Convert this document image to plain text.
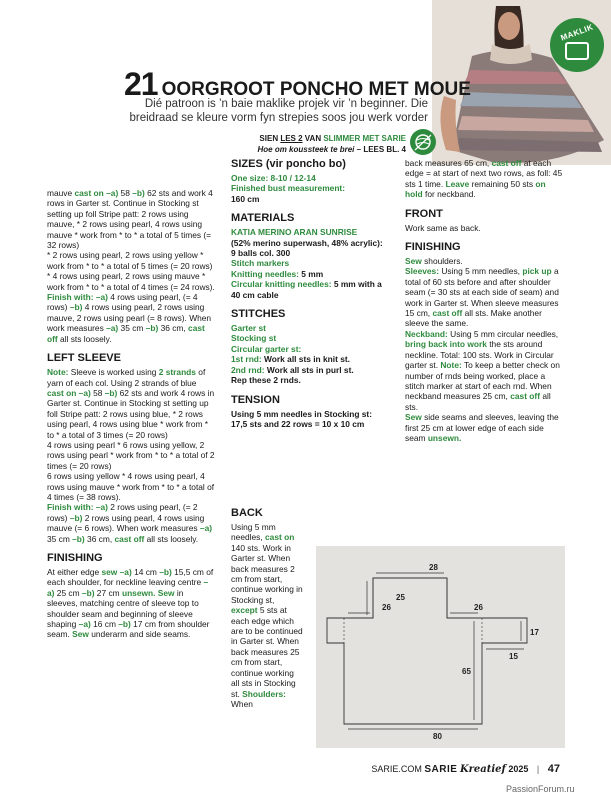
MAKLIK
21 OORGROOT PONCHO MET MOUE
Dié patroon is ’n baie maklike projek vir ’n beginner. Die breidraad se kleure vorm fyn strepies soos jou werk vorder
SIEN LES 2 VAN SLIMMER MET SARIE
Hoe om koussteek te brei – LEES BL. 4

mauve cast on –a) 58 –b) 62 sts and work 4 rows in Garter st. Continue in Stocking st setting up foll Stripe patt: 2 rows using mauve, * 2 rows using pearl, 4 rows using mauve * work from * to * a total of 5 times (= 32 rows)

* 2 rows using pearl, 2 rows using yellow * work from * to * a total of 5 times (= 20 rows)

* 4 rows using pearl, 2 rows using mauve * work from * to * a total of 4 times (= 24 rows).

Finish with: –a) 4 rows using pearl, (= 4 rows) –b) 4 rows using pearl, 2 rows using mauve, 2 rows using pearl (= 8 rows). When work measures –a) 35 cm –b) 36 cm, cast off all sts loosely.

LEFT SLEEVE

Note: Sleeve is worked using 2 strands of yarn of each col. Using 2 strands of blue cast on –a) 58 –b) 62 sts and work 4 rows in Garter st. Continue in Stocking st setting up foll Stripe patt: 2 rows using blue, * 2 rows using pearl, 4 rows using blue * work from * to * a total of 3 times (= 20 rows)

4 rows using pearl * 6 rows using yellow, 2 rows using pearl * work from * to * a total of 2 times (= 20 rows)

6 rows using yellow * 4 rows using pearl, 4 rows using mauve * work from * to * a total of 4 times (= 38 rows).

Finish with: –a) 2 rows using pearl, (= 2 rows) –b) 2 rows using pearl, 4 rows using mauve (= 6 rows). When work measures –a) 35 cm –b) 36 cm, cast off all sts loosely.

FINISHING

At either edge sew –a) 14 cm –b) 15,5 cm of each shoulder, for neckline leaving centre –a) 25 cm –b) 27 cm unsewn. Sew in sleeves, matching centre of sleeve top to shoulder seam and beginning of sleeve shaping –a) 16 cm –b) 17 cm from shoulder seam. Sew underarm and side seams.

SIZES (vir poncho bo)

One size: 8-10 / 12-14

Finished bust measurement:

160 cm

MATERIALS

KATIA MERINO ARAN SUNRISE

(52% merino superwash, 48% acrylic): 9 balls col. 300

Stitch markers

Knitting needles: 5 mm

Circular knitting needles: 5 mm with a 40 cm cable

STITCHES

Garter st

Stocking st

Circular garter st:

1st rnd: Work all sts in knit st.

2nd rnd: Work all sts in purl st.

Rep these 2 rnds.

TENSION

Using 5 mm needles in Stocking st: 17,5 sts and 22 rows = 10 x 10 cm

BACK

Using 5 mm needles, cast on 140 sts. Work in Garter st. When back measures 2 cm from start, continue working in Stocking st, except 5 sts at each edge which are to be continued in Garter st. When back measures 25 cm from start, continue working all sts in Stocking st. Shoulders: When

back measures 65 cm, cast off at each edge = at start of next two rows, as foll: 45 sts 1 time. Leave remaining 50 sts on hold for neckband.

FRONT

Work same as back.

FINISHING

Sew shoulders.

Sleeves: Using 5 mm needles, pick up a total of 60 sts before and after shoulder seam (= 30 sts at each side of seam) and work in Garter st. When sleeve measures 15 cm, cast off all sts. Make another sleeve the same.

Neckband: Using 5 mm circular needles, bring back into work the sts around neckline. Total: 100 sts. Work in Circular garter st. Note: To keep a better check on number of rnds being worked, place a stitch marker at start of each rnd. When neckband measures 25 cm, cast off all sts.

Sew side seams and sleeves, leaving the first 25 cm at lower edge of each side seam unsewn.

28
25
26	26
17
15
65
80
SARIE.COM SARIE Kreatief 2025 | 47
PassionForum.ru
